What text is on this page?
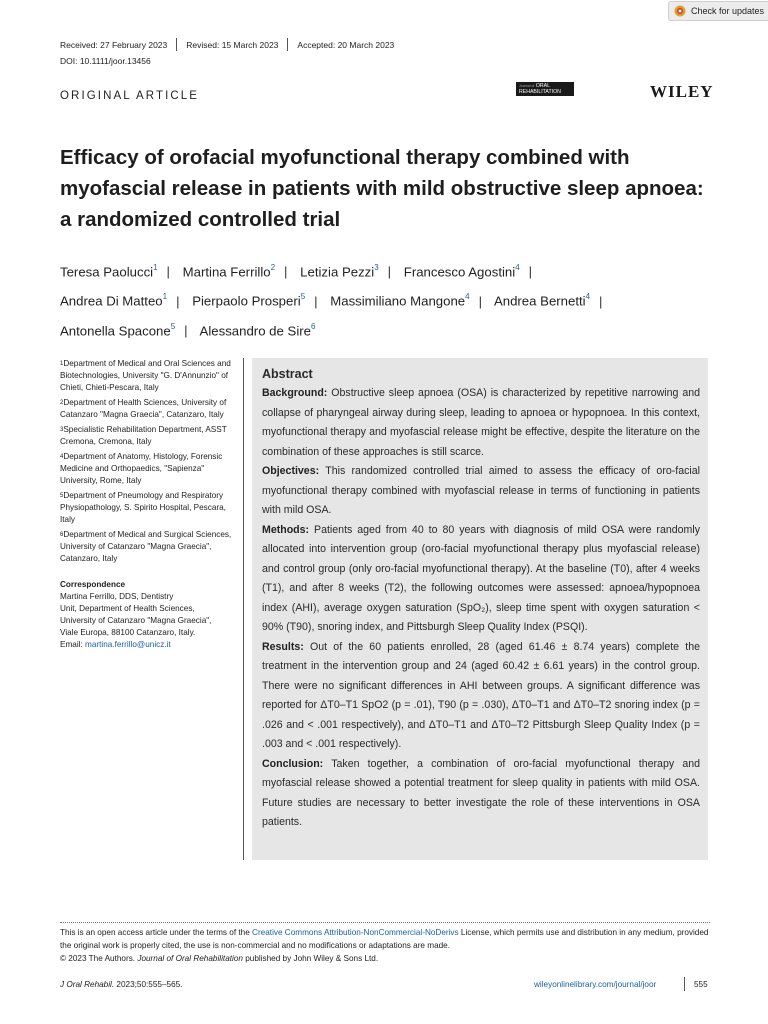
Check for updates
Received: 27 February 2023 Revised: 15 March 2023 Accepted: 20 March 2023
DOI: 10.1111/joor.13456
ORIGINAL ARTICLE
Journal of ORAL
REHABILITATION	WILEY
Efficacy of orofacial myofunctional therapy combined with myofascial release in patients with mild obstructive sleep apnoea: a randomized controlled trial
Teresa Paolucci$^1$ | Martina Ferrillo$^2$ | Letizia Pezzi$^3$ | Francesco Agostini$^4$ |
Andrea Di Matteo$^1$ | Pierpaolo Prosperi$^5$ | Massimiliano Mangone$^4$ | Andrea Bernetti$^4$ |
Antonella Spacone$^5$ | Alessandro de Sire$^6$
$^1$Department of Medical and Oral Sciences and Biotechnologies, University "G. D'Annunzio" of Chieti, Chieti-Pescara, Italy
$^2$Department of Health Sciences, University of Catanzaro "Magna Graecia", Catanzaro, Italy
$^3$Specialistic Rehabilitation Department, ASST Cremona, Cremona, Italy
$^4$Department of Anatomy, Histology, Forensic Medicine and Orthopaedics, "Sapienza" University, Rome, Italy
$^5$Department of Pneumology and Respiratory Physiopathology, S. Spirito Hospital, Pescara, Italy
$^6$Department of Medical and Surgical Sciences, University of Catanzaro "Magna Graecia", Catanzaro, Italy
Correspondence
Martina Ferrillo, DDS, Dentistry
Unit, Department of Health Sciences,
University of Catanzaro "Magna Graecia",
Viale Europa, 88100 Catanzaro, Italy.
Email: martina.ferrillo@unicz.it
Abstract

Background: Obstructive sleep apnoea (OSA) is characterized by repetitive narrowing and collapse of pharyngeal airway during sleep, leading to apnoea or hypopnoea. In this context, myofunctional therapy and myofascial release might be effective, despite the literature on the combination of these approaches is still scarce.

Objectives: This randomized controlled trial aimed to assess the efficacy of oro-facial myofunctional therapy combined with myofascial release in terms of functioning in patients with mild OSA.

Methods: Patients aged from 40 to 80 years with diagnosis of mild OSA were randomly allocated into intervention group (oro-facial myofunctional therapy plus myofascial release) and control group (only oro-facial myofunctional therapy). At the baseline (T0), after 4 weeks (T1), and after 8 weeks (T2), the following outcomes were assessed: apnoea/hypopnoea index (AHI), average oxygen saturation (SpO₂), sleep time spent with oxygen saturation < 90% (T90), snoring index, and Pittsburgh Sleep Quality Index (PSQI).

Results: Out of the 60 patients enrolled, 28 (aged 61.46 ± 8.74 years) complete the treatment in the intervention group and 24 (aged 60.42 ± 6.61 years) in the control group. There were no significant differences in AHI between groups. A significant difference was reported for ΔT0–T1 SpO2 (p = .01), T90 (p = .030), ΔT0–T1 and ΔT0–T2 snoring index (p = .026 and < .001 respectively), and ΔT0–T1 and ΔT0–T2 Pittsburgh Sleep Quality Index (p = .003 and < .001 respectively).

Conclusion: Taken together, a combination of oro-facial myofunctional therapy and myofascial release showed a potential treatment for sleep quality in patients with mild OSA. Future studies are necessary to better investigate the role of these interventions in OSA patients.

This is an open access article under the terms of the Creative Commons Attribution-NonCommercial-NoDerivs License, which permits use and distribution in any medium, provided the original work is properly cited, the use is non-commercial and no modifications or adaptations are made.
© 2023 The Authors. Journal of Oral Rehabilitation published by John Wiley & Sons Ltd.
J Oral Rehabil. 2023;50:555–565.	wileyonlinelibrary.com/journal/joor	555
